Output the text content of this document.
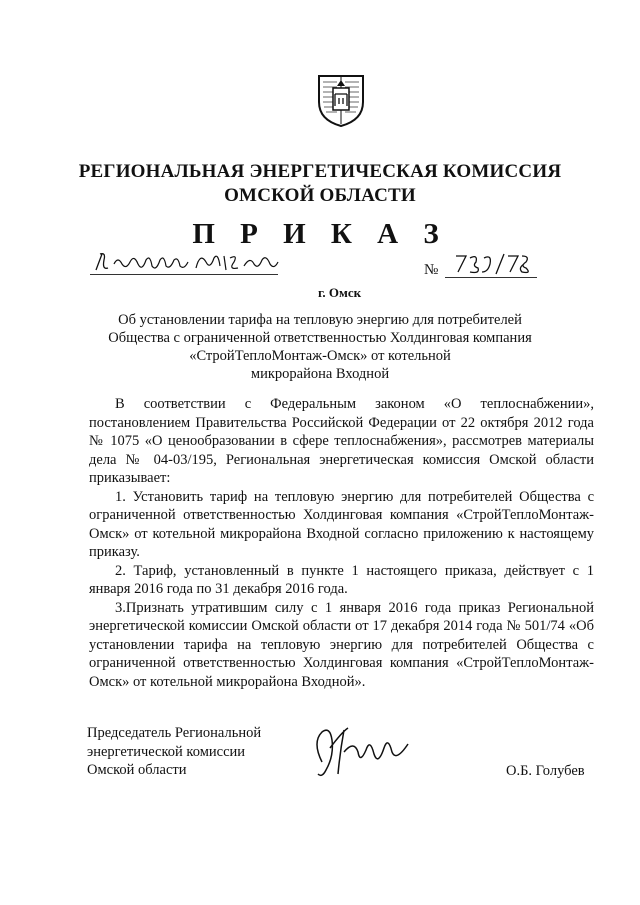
РЕГИОНАЛЬНАЯ ЭНЕРГЕТИЧЕСКАЯ КОМИССИЯ
ОМСКОЙ ОБЛАСТИ
П Р И К А З
№
г. Омск
Об установлении тарифа на тепловую энергию для потребителей
Общества с ограниченной ответственностью Холдинговая компания
«СтройТеплоМонтаж-Омск» от котельной
микрорайона Входной

В соответствии с Федеральным законом «О теплоснабжении», постановлением Правительства Российской Федерации от 22 октября 2012 года № 1075 «О ценообразовании в сфере теплоснабжения», рассмотрев материалы дела № 04-03/195, Региональная энергетическая комиссия Омской области приказывает:

1. Установить тариф на тепловую энергию для потребителей Общества с ограниченной ответственностью Холдинговая компания «СтройТеплоМонтаж-Омск» от котельной микрорайона Входной согласно приложению к настоящему приказу.

2. Тариф, установленный в пункте 1 настоящего приказа, действует с 1 января 2016 года по 31 декабря 2016 года.

3.Признать утратившим силу с 1 января 2016 года приказ Региональной энергетической комиссии Омской области от 17 декабря 2014 года № 501/74 «Об установлении тарифа на тепловую энергию для потребителей Общества с ограниченной ответственностью Холдинговая компания «СтройТеплоМонтаж-Омск» от котельной микрорайона Входной».

Председатель Региональной
энергетической комиссии
Омской области	О.Б. Голубев
